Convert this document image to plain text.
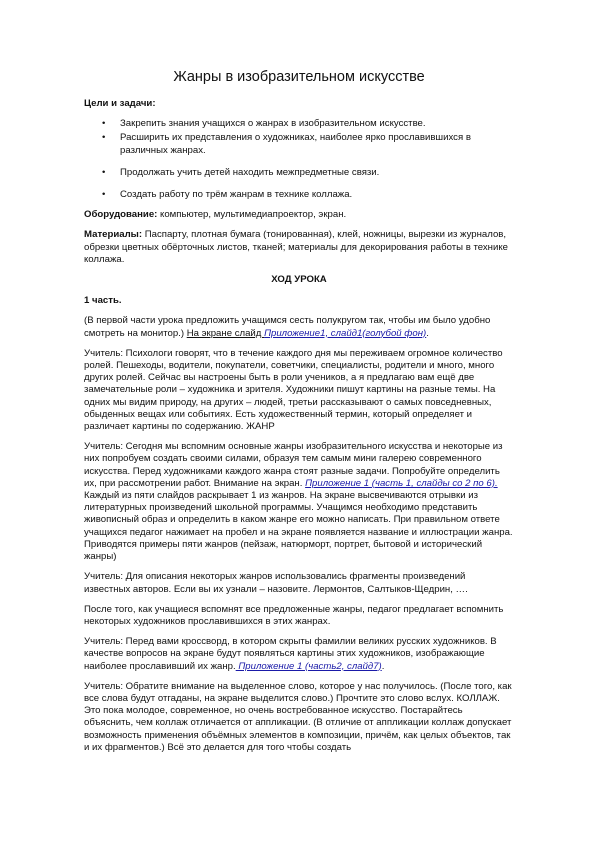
Жанры в изобразительном искусстве
Цели и задачи:
• Закрепить знания учащихся о жанрах в изобразительном искусстве.
• Расширить их представления о художниках, наиболее ярко прославившихся в различных жанрах.
• Продолжать учить детей находить межпредметные связи.
• Создать работу по трём жанрам в технике коллажа.

Оборудование: компьютер, мультимедиапроектор, экран.

Материалы: Паспарту, плотная бумага (тонированная), клей, ножницы, вырезки из журналов, обрезки цветных обёрточных листов, тканей; материалы для декорирования работы в технике коллажа.

ХОД УРОКА
1 часть.

(В первой части урока предложить учащимся сесть полукругом так, чтобы им было удобно смотреть на монитор.) На экране слайд Приложение1, слайд1(голубой фон).

Учитель: Психологи говорят, что в течение каждого дня мы переживаем огромное количество ролей. Пешеходы, водители, покупатели, советчики, специалисты, родители и много, много других ролей. Сейчас вы настроены быть в роли учеников, а я предлагаю вам ещё две замечательные роли – художника и зрителя. Художники пишут картины на разные темы. На одних мы видим природу, на других – людей, третьи рассказывают о самых повседневных, обыденных вещах или событиях. Есть художественный термин, который определяет и различает картины по содержанию. ЖАНР

Учитель: Сегодня мы вспомним основные жанры изобразительного искусства и некоторые из них попробуем создать своими силами, образуя тем самым мини галерею современного искусства. Перед художниками каждого жанра стоят разные задачи. Попробуйте определить их, при рассмотрении работ. Внимание на экран. Приложение 1 (часть 1, слайды со 2 по 6). Каждый из пяти слайдов раскрывает 1 из жанров. На экране высвечиваются отрывки из литературных произведений школьной программы. Учащимся необходимо представить живописный образ и определить в каком жанре его можно написать. При правильном ответе учащихся педагог нажимает на пробел и на экране появляется название и иллюстрации жанра. Приводятся примеры пяти жанров (пейзаж, натюрморт, портрет, бытовой и исторический жанры)

Учитель: Для описания некоторых жанров использовались фрагменты произведений известных авторов. Если вы их узнали – назовите. Лермонтов, Салтыков-Щедрин, ….

После того, как учащиеся вспомнят все предложенные жанры, педагог предлагает вспомнить некоторых художников прославившихся в этих жанрах.

Учитель: Перед вами кроссворд, в котором скрыты фамилии великих русских художников. В качестве вопросов на экране будут появляться картины этих художников, изображающие наиболее прославивший их жанр. Приложение 1 (часть2, слайд7).

Учитель: Обратите внимание на выделенное слово, которое у нас получилось. (После того, как все слова будут отгаданы, на экране выделится слово.) Прочтите это слово вслух. КОЛЛАЖ. Это пока молодое, современное, но очень востребованное искусство. Постарайтесь объяснить, чем коллаж отличается от аппликации. (В отличие от аппликации коллаж допускает возможность применения объёмных элементов в композиции, причём, как целых объектов, так и их фрагментов.) Всё это делается для того чтобы создать
